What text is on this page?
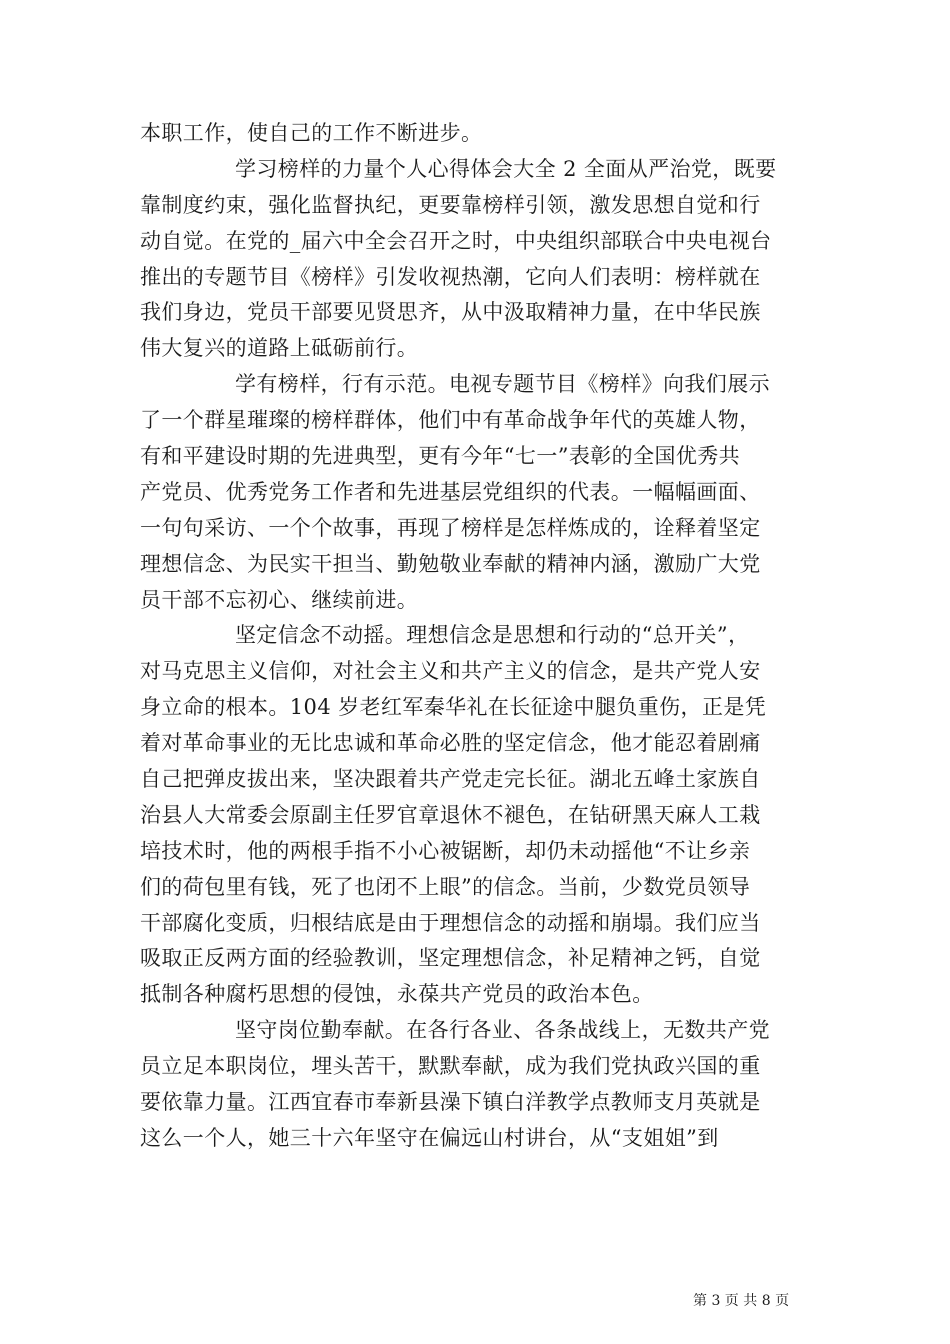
本职工作，使自己的工作不断进步。
学习榜样的力量个人心得体会大全 2 全面从严治党，既要
靠制度约束，强化监督执纪，更要靠榜样引领，激发思想自觉和行
动自觉。在党的_届六中全会召开之时，中央组织部联合中央电视台
推出的专题节目《榜样》引发收视热潮，它向人们表明：榜样就在
我们身边，党员干部要见贤思齐，从中汲取精神力量，在中华民族
伟大复兴的道路上砥砺前行。
学有榜样，行有示范。电视专题节目《榜样》向我们展示
了一个群星璀璨的榜样群体，他们中有革命战争年代的英雄人物，
有和平建设时期的先进典型，更有今年“七一”表彰的全国优秀共
产党员、优秀党务工作者和先进基层党组织的代表。一幅幅画面、
一句句采访、一个个故事，再现了榜样是怎样炼成的，诠释着坚定
理想信念、为民实干担当、勤勉敬业奉献的精神内涵，激励广大党
员干部不忘初心、继续前进。
坚定信念不动摇。理想信念是思想和行动的“总开关”，
对马克思主义信仰，对社会主义和共产主义的信念，是共产党人安
身立命的根本。104 岁老红军秦华礼在长征途中腿负重伤，正是凭
着对革命事业的无比忠诚和革命必胜的坚定信念，他才能忍着剧痛
自己把弹皮拔出来，坚决跟着共产党走完长征。湖北五峰土家族自
治县人大常委会原副主任罗官章退休不褪色，在钻研黑天麻人工栽
培技术时，他的两根手指不小心被锯断，却仍未动摇他“不让乡亲
们的荷包里有钱，死了也闭不上眼”的信念。当前，少数党员领导
干部腐化变质，归根结底是由于理想信念的动摇和崩塌。我们应当
吸取正反两方面的经验教训，坚定理想信念，补足精神之钙，自觉
抵制各种腐朽思想的侵蚀，永葆共产党员的政治本色。
坚守岗位勤奉献。在各行各业、各条战线上，无数共产党
员立足本职岗位，埋头苦干，默默奉献，成为我们党执政兴国的重
要依靠力量。江西宜春市奉新县澡下镇白洋教学点教师支月英就是
这么一个人，她三十六年坚守在偏远山村讲台，从“支姐姐”到
第 3 页 共 8 页
